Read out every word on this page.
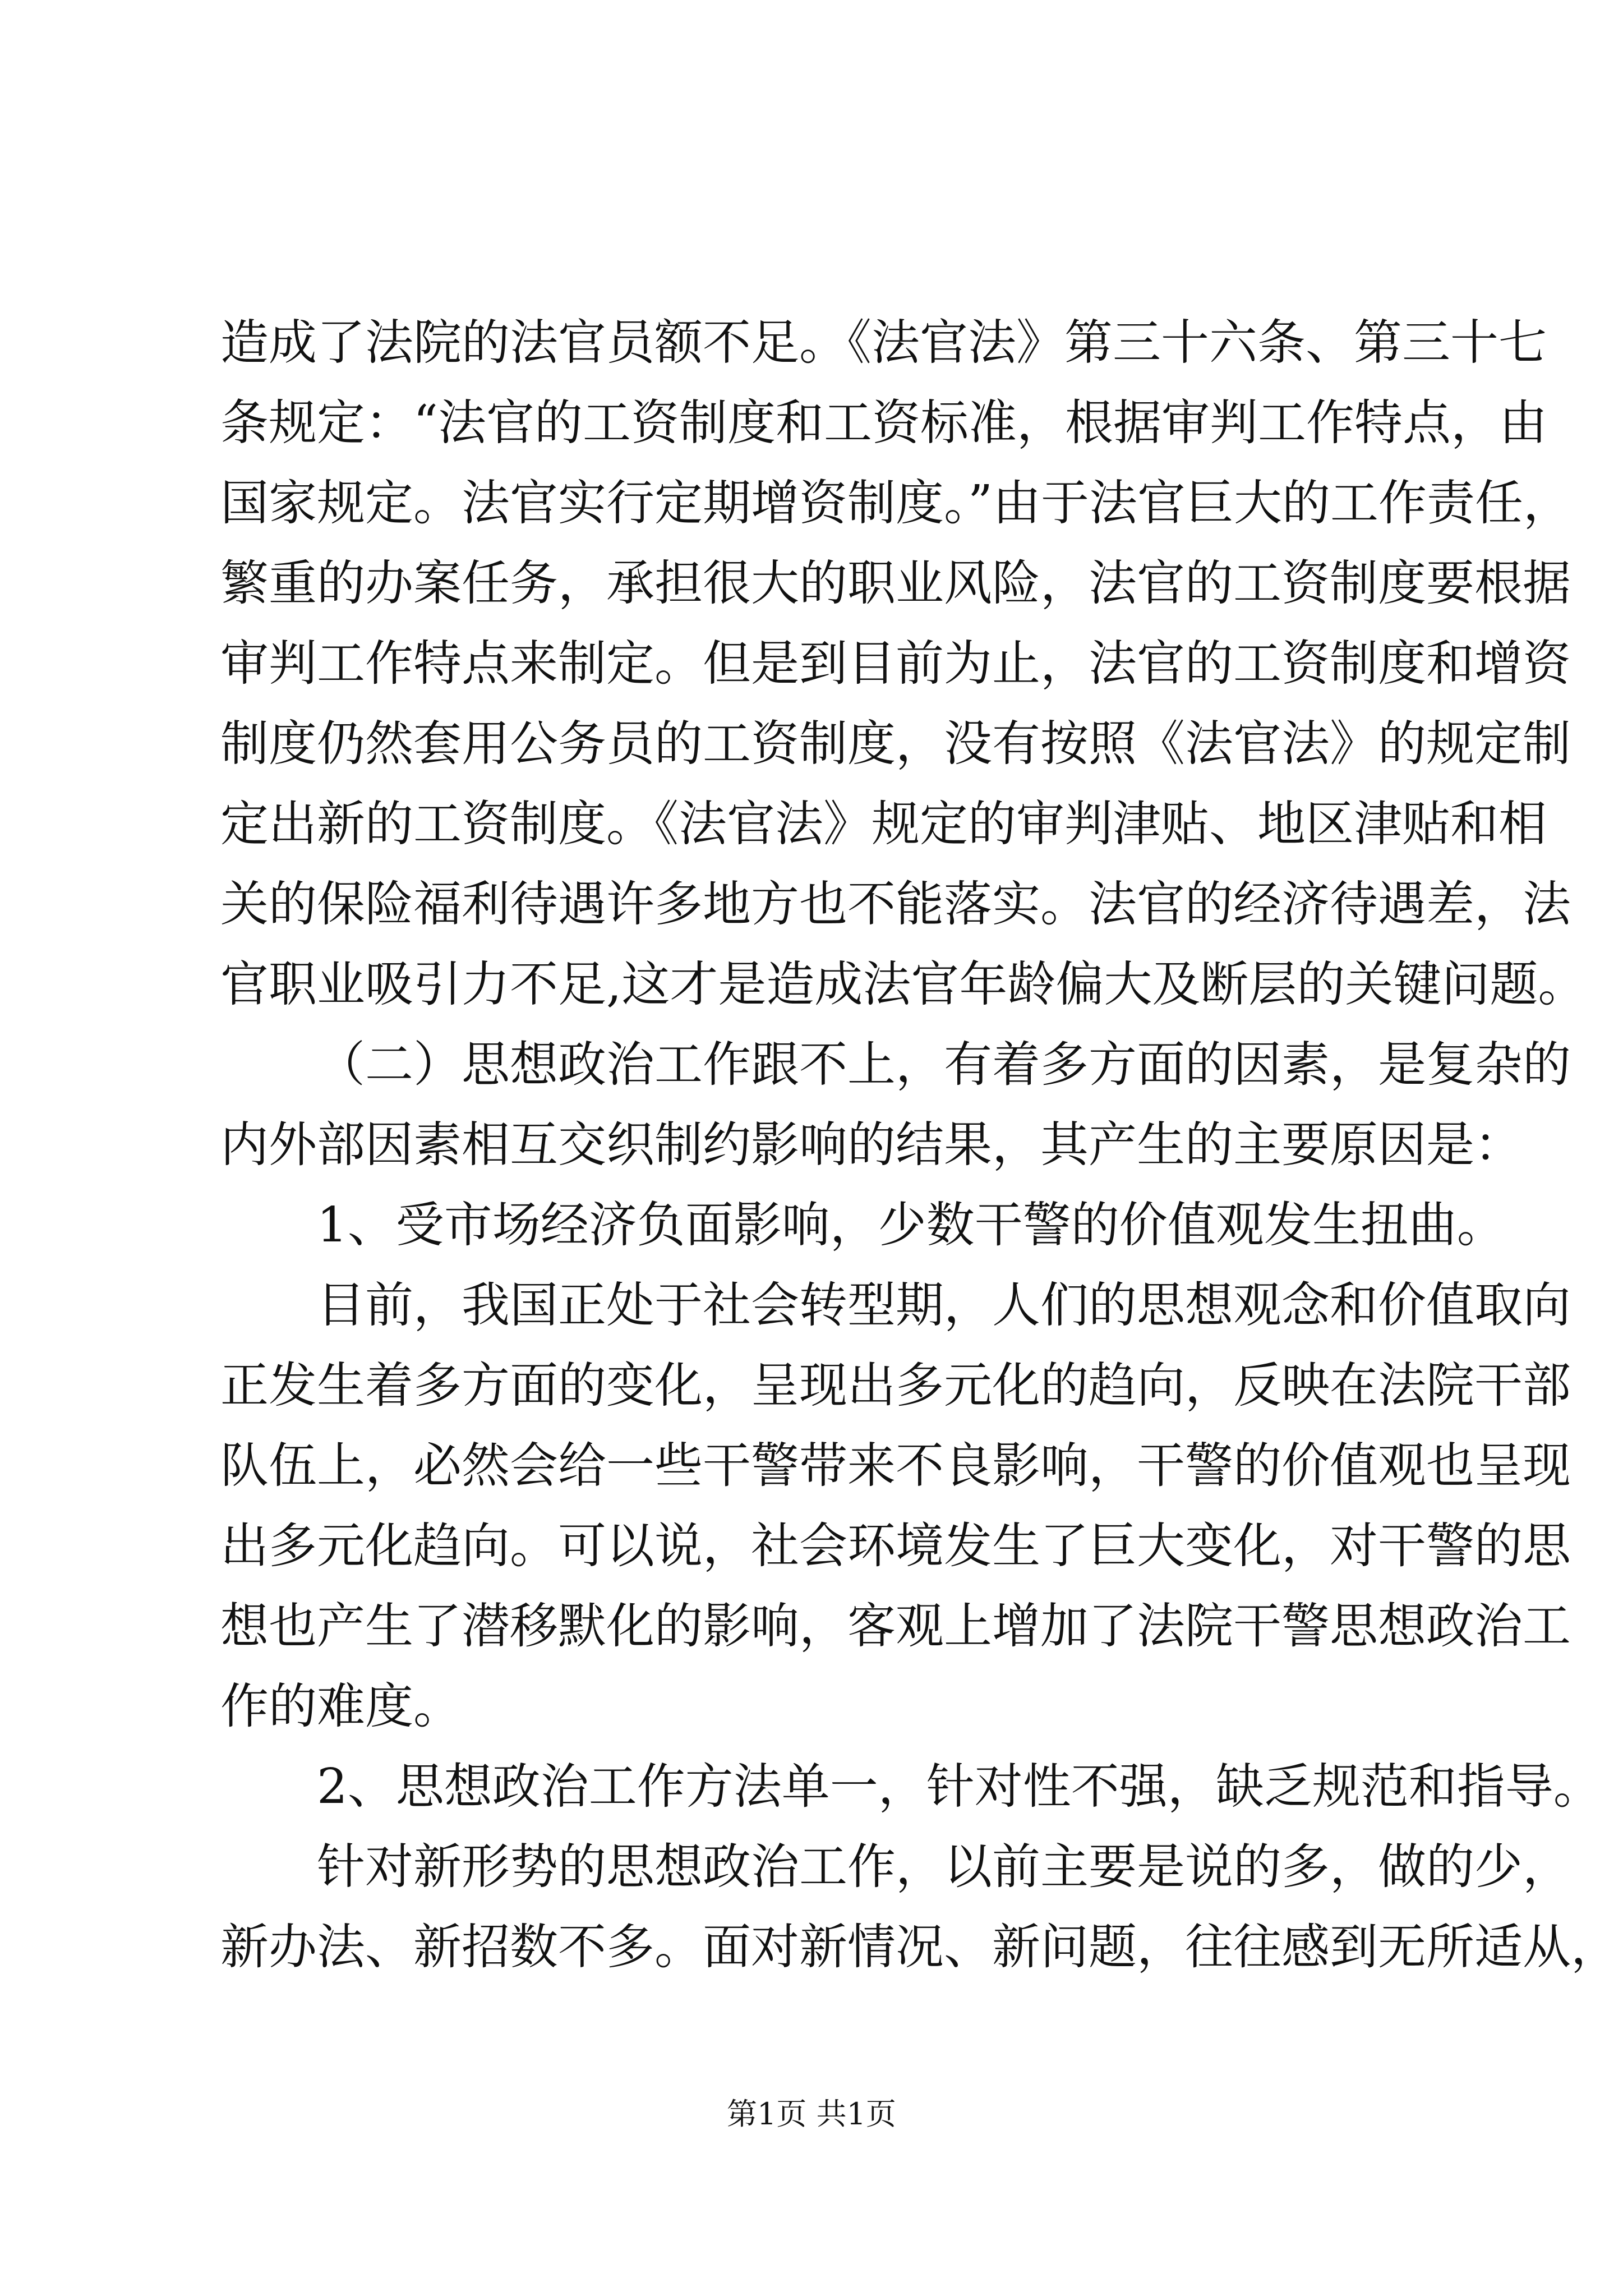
造成了法院的法官员额不足。《法官法》第三十六条、第三十七
条规定：“法官的工资制度和工资标准，根据审判工作特点，由
国家规定。法官实行定期增资制度。”由于法官巨大的工作责任，
繁重的办案任务，承担很大的职业风险，法官的工资制度要根据
审判工作特点来制定。但是到目前为止，法官的工资制度和增资
制度仍然套用公务员的工资制度，没有按照《法官法》的规定制
定出新的工资制度。《法官法》规定的审判津贴、地区津贴和相
关的保险福利待遇许多地方也不能落实。法官的经济待遇差，法
官职业吸引力不足,这才是造成法官年龄偏大及断层的关键问题。
（二）思想政治工作跟不上，有着多方面的因素，是复杂的
内外部因素相互交织制约影响的结果，其产生的主要原因是：
1、受市场经济负面影响，少数干警的价值观发生扭曲。
目前，我国正处于社会转型期，人们的思想观念和价值取向
正发生着多方面的变化，呈现出多元化的趋向，反映在法院干部
队伍上，必然会给一些干警带来不良影响，干警的价值观也呈现
出多元化趋向。可以说，社会环境发生了巨大变化，对干警的思
想也产生了潜移默化的影响，客观上增加了法院干警思想政治工
作的难度。
2、思想政治工作方法单一，针对性不强，缺乏规范和指导。
针对新形势的思想政治工作，以前主要是说的多，做的少，
新办法、新招数不多。面对新情况、新问题，往往感到无所适从，
第1页 共1页
